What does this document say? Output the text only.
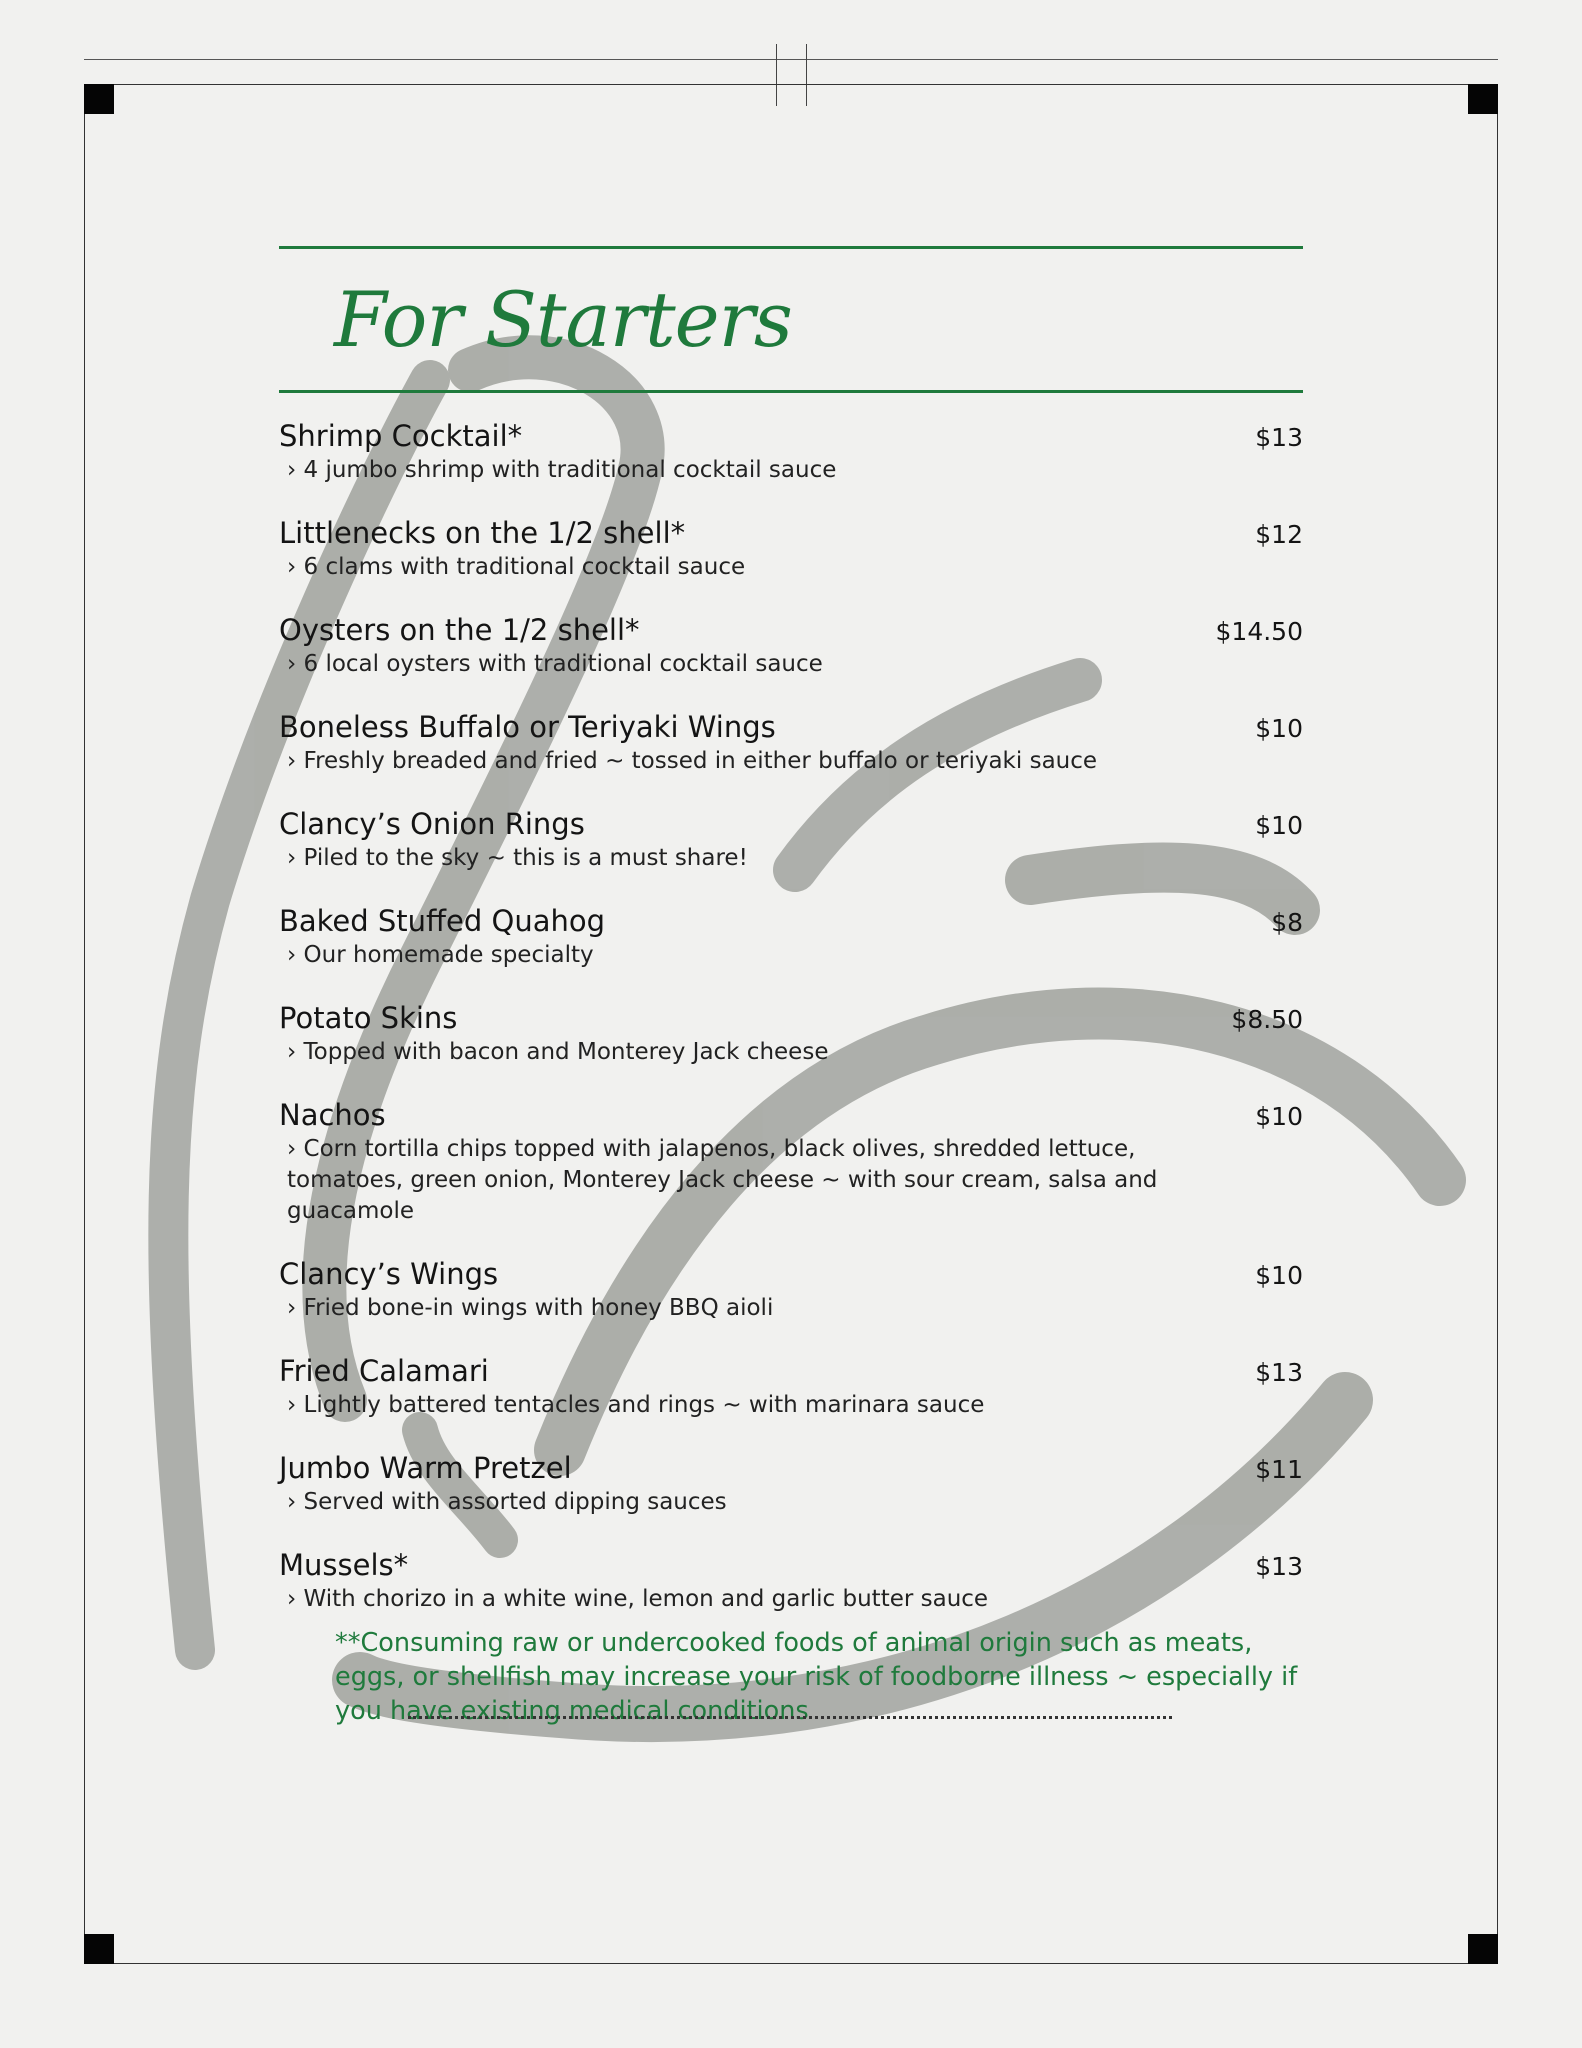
For Starters
Shrimp Cocktail*	$13
› 4 jumbo shrimp with traditional cocktail sauce
Littlenecks on the 1/2 shell*	$12
› 6 clams with traditional cocktail sauce
Oysters on the 1/2 shell*	$14.50
› 6 local oysters with traditional cocktail sauce
Boneless Buffalo or Teriyaki Wings	$10
› Freshly breaded and fried ~ tossed in either buffalo or teriyaki sauce
Clancy’s Onion Rings	$10
› Piled to the sky ~ this is a must share!
Baked Stuffed Quahog	$8
› Our homemade specialty
Potato Skins	$8.50
› Topped with bacon and Monterey Jack cheese
Nachos	$10
› Corn tortilla chips topped with jalapenos, black olives, shredded lettuce, tomatoes, green onion, Monterey Jack cheese ~ with sour cream, salsa and guacamole
Clancy’s Wings	$10
› Fried bone-in wings with honey BBQ aioli
Fried Calamari	$13
› Lightly battered tentacles and rings ~ with marinara sauce
Jumbo Warm Pretzel	$11
› Served with assorted dipping sauces
Mussels*	$13
› With chorizo in a white wine, lemon and garlic butter sauce
**Consuming raw or undercooked foods of animal origin such as meats, eggs, or shellfish may increase your risk of foodborne illness ~ especially if you have existing medical conditions
